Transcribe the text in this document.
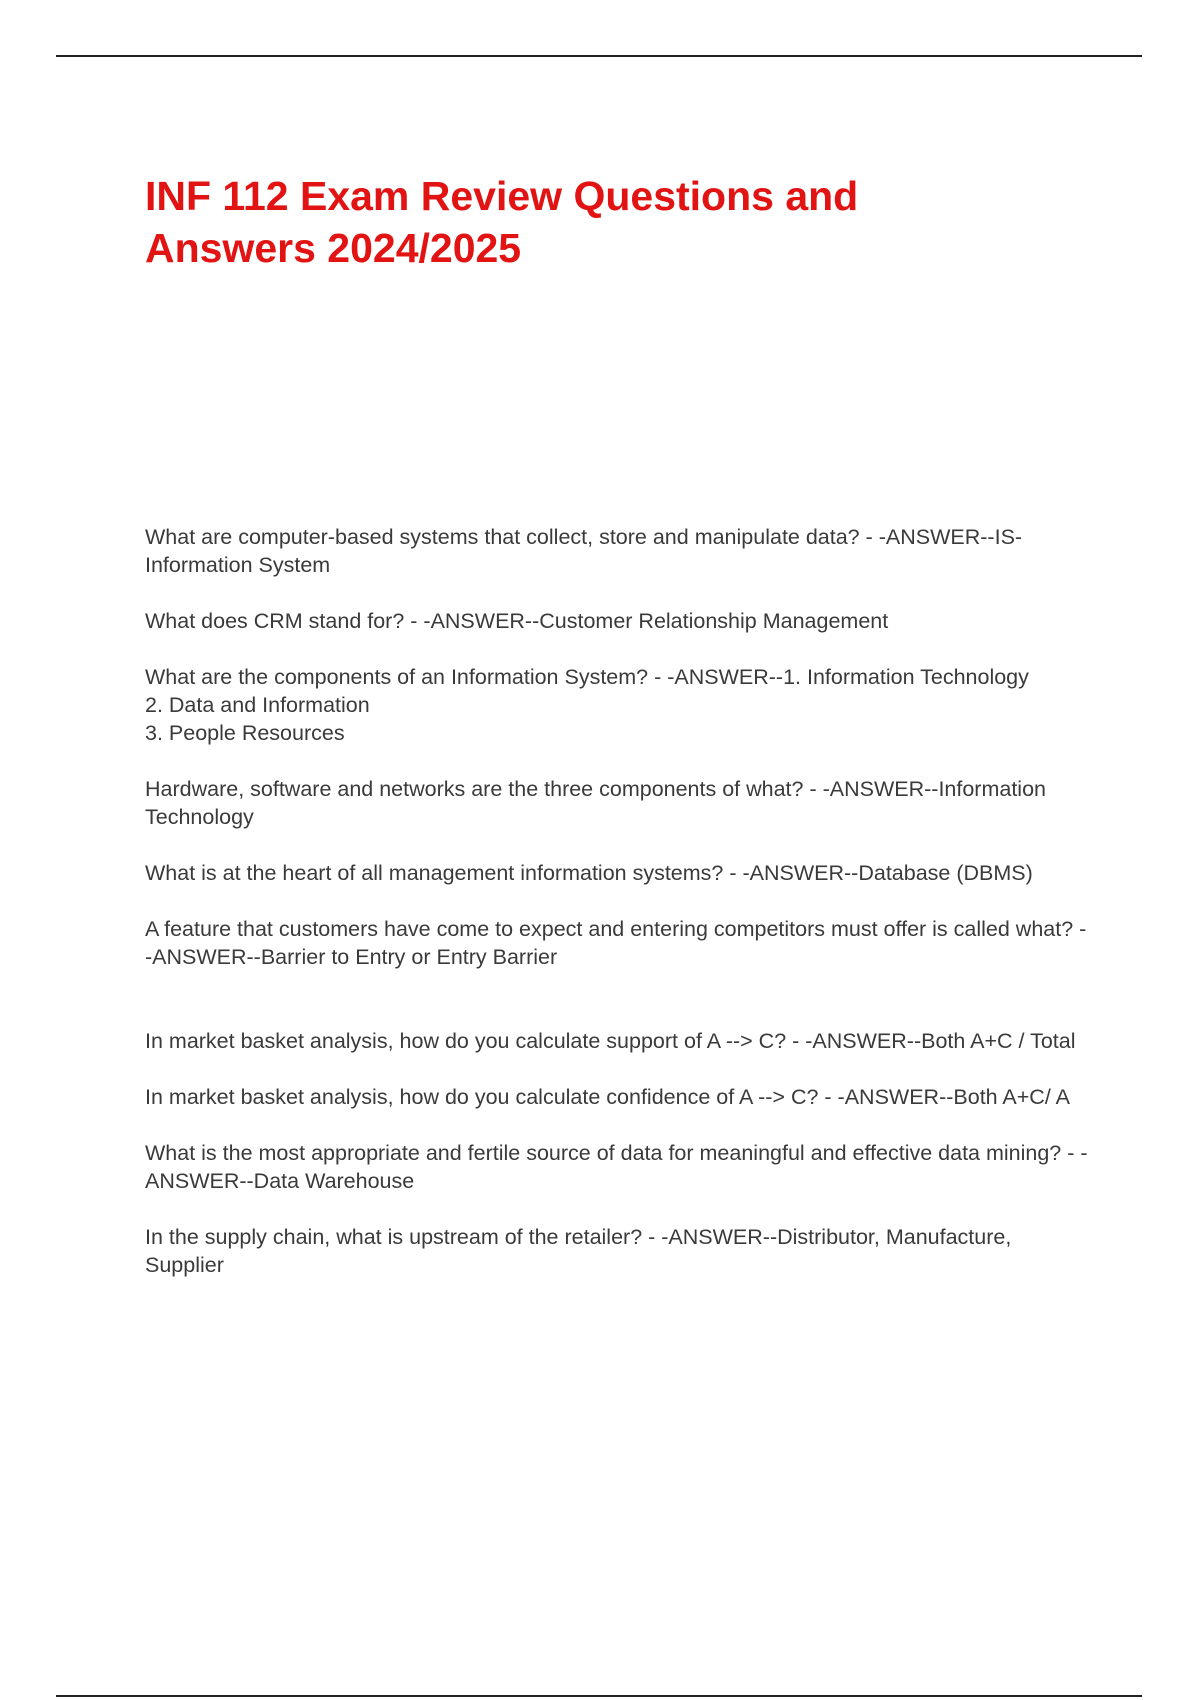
INF 112 Exam Review Questions and Answers 2024/2025
What are computer-based systems that collect, store and manipulate data? - -ANSWER--IS- Information System
What does CRM stand for? - -ANSWER--Customer Relationship Management
What are the components of an Information System? - -ANSWER--1. Information Technology
2. Data and Information
3. People Resources
Hardware, software and networks are the three components of what? - -ANSWER--Information Technology
What is at the heart of all management information systems? - -ANSWER--Database (DBMS)
A feature that customers have come to expect and entering competitors must offer is called what? - -ANSWER--Barrier to Entry or Entry Barrier
In market basket analysis, how do you calculate support of A --> C? - -ANSWER--Both A+C / Total
In market basket analysis, how do you calculate confidence of A --> C? - -ANSWER--Both A+C/ A
What is the most appropriate and fertile source of data for meaningful and effective data mining? - -ANSWER--Data Warehouse
In the supply chain, what is upstream of the retailer? - -ANSWER--Distributor, Manufacture, Supplier
